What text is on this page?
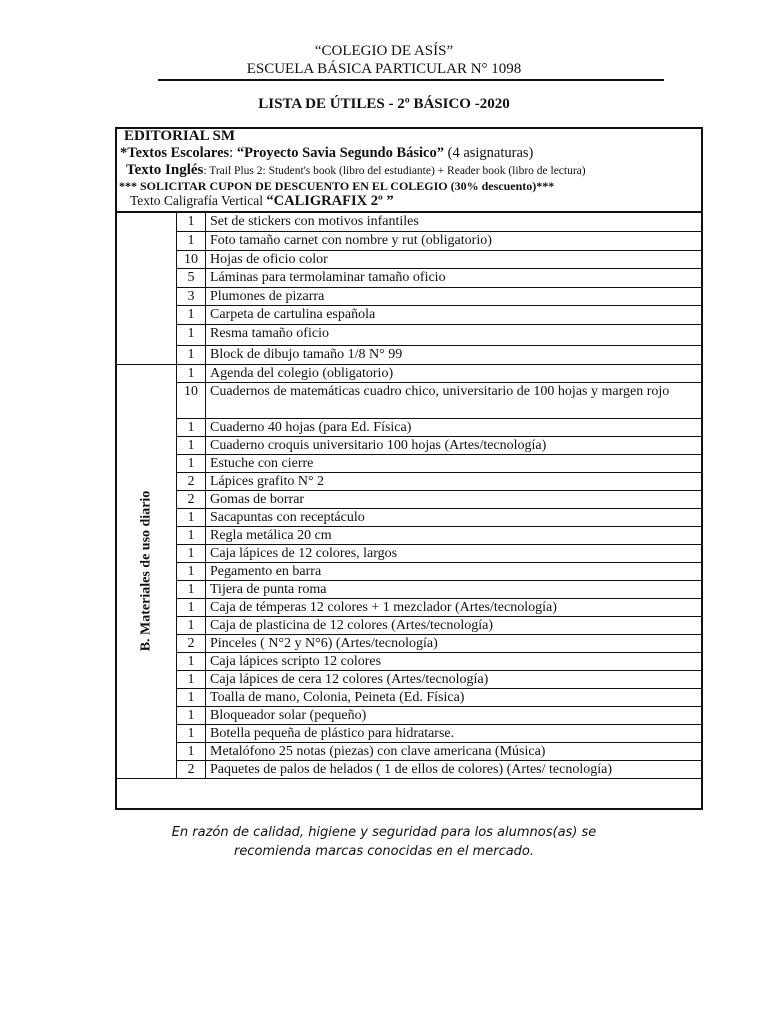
“COLEGIO DE ASÍS”
ESCUELA BÁSICA PARTICULAR N° 1098
LISTA DE ÚTILES - 2º BÁSICO -2020
EDITORIAL SM
*Textos Escolares: “Proyecto Savia Segundo Básico” (4 asignaturas)
Texto Inglés: Trail Plus 2: Student's book (libro del estudiante) + Reader book (libro de lectura)
*** SOLICITAR CUPON DE DESCUENTO EN EL COLEGIO (30% descuento)***
Texto Caligrafía Vertical “CALIGRAFIX 2º ”
	1	Set de stickers con motivos infantiles
	1	Foto tamaño carnet con nombre y rut (obligatorio)
	10	Hojas de oficio color
	5	Láminas para termolaminar tamaño oficio
	3	Plumones de pizarra
	1	Carpeta de cartulina española
	1	Resma tamaño oficio
	1	Block de dibujo tamaño 1/8 N° 99

B. Materiales de uso diario	1	Agenda del colegio (obligatorio)
	10	Cuadernos de matemáticas cuadro chico, universitario de 100 hojas y margen rojo
	1	Cuaderno 40 hojas (para Ed. Física)
	1	Cuaderno croquis universitario 100 hojas (Artes/tecnología)
	1	Estuche con cierre
	2	Lápices grafito N° 2
	2	Gomas de borrar
	1	Sacapuntas con receptáculo
	1	Regla metálica 20 cm
	1	Caja lápices de 12 colores, largos
	1	Pegamento en barra
	1	Tijera de punta roma
	1	Caja de témperas 12 colores + 1 mezclador (Artes/tecnología)
	1	Caja de plasticina de 12 colores (Artes/tecnología)
	2	Pinceles ( N°2 y N°6) (Artes/tecnología)
	1	Caja lápices scripto 12 colores
	1	Caja lápices de cera 12 colores (Artes/tecnología)
	1	Toalla de mano, Colonia, Peineta (Ed. Física)
	1	Bloqueador solar (pequeño)
	1	Botella pequeña de plástico para hidratarse.
	1	Metalófono 25 notas (piezas) con clave americana (Música)
	2	Paquetes de palos de helados ( 1 de ellos de colores) (Artes/ tecnología)
En razón de calidad, higiene y seguridad para los alumnos(as) se
recomienda marcas conocidas en el mercado.
